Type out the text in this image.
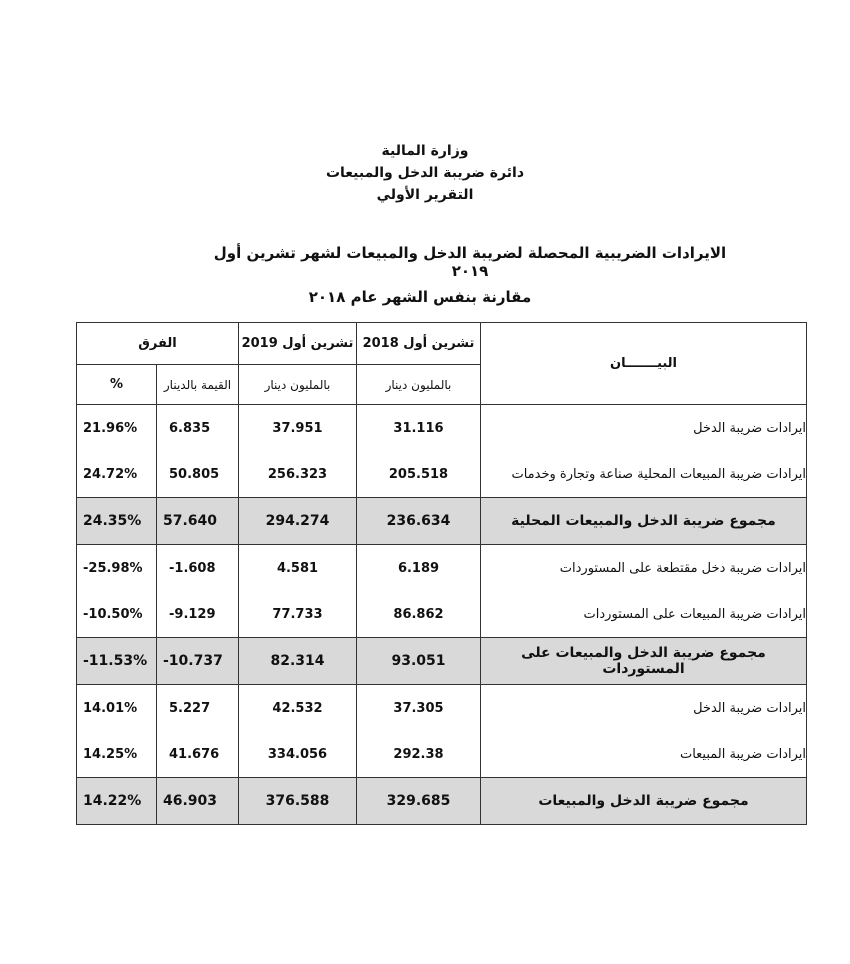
وزارة المالية
دائرة ضريبة الدخل والمبيعات
التقرير الأولي
الايرادات الضريبية المحصلة لضريبة الدخل والمبيعات لشهر تشرين أول ٢٠١٩
مقارنة بنفس الشهر عام ٢٠١٨
الفرق		تشرين أول 2019	تشرين أول 2018	البيـــــــان
%	القيمة بالدينار	بالمليون دينار	بالمليون دينار	
21.96%	6.835	37.951	31.116	ايرادات ضريبة الدخل
24.72%	50.805	256.323	205.518	ايرادات ضريبة المبيعات المحلية صناعة وتجارة وخدمات
24.35%	57.640	294.274	236.634	مجموع ضريبة الدخل والمبيعات المحلية
-25.98%	-1.608	4.581	6.189	ايرادات ضريبة دخل مقتطعة على المستوردات
-10.50%	-9.129	77.733	86.862	ايرادات ضريبة المبيعات على المستوردات
-11.53%	-10.737	82.314	93.051	مجموع ضريبة الدخل والمبيعات على المستوردات
14.01%	5.227	42.532	37.305	ايرادات ضريبة الدخل
14.25%	41.676	334.056	292.38	ايرادات ضريبة المبيعات
14.22%	46.903	376.588	329.685	مجموع ضريبة الدخل والمبيعات
